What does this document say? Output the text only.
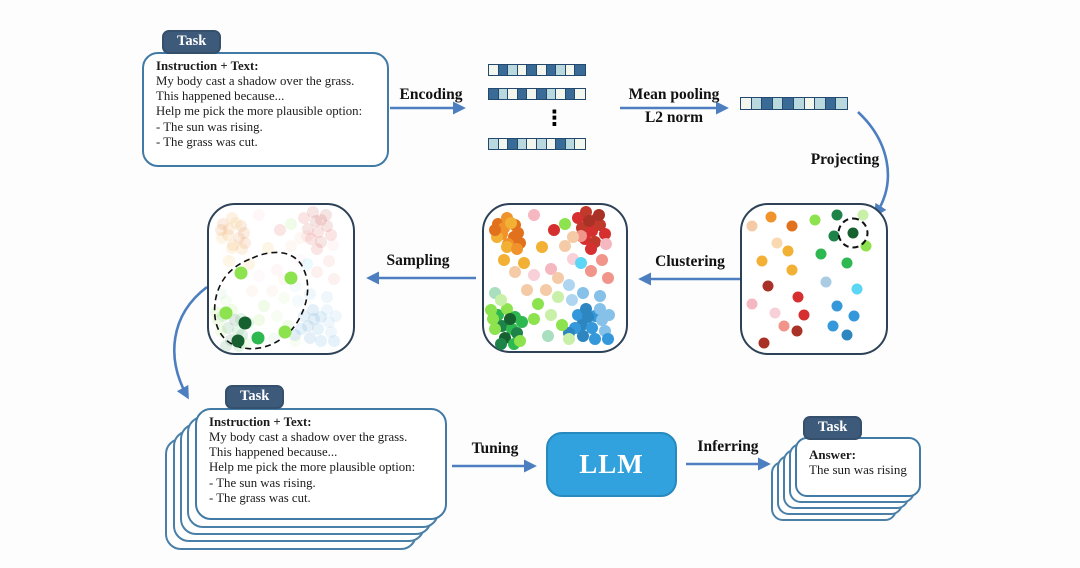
Task
Instruction + Text:
My body cast a shadow over the grass.
This happened because...
Help me pick the more plausible option:
- The sun was rising.
- The grass was cut.
Encoding	Mean pooling
L2 norm
Projecting
Clustering
Sampling
Tuning	Inferring
⋮
Task
Instruction + Text:
My body cast a shadow over the grass.
This happened because...
Help me pick the more plausible option:
- The sun was rising.
- The grass was cut.
LLM
Task
Answer:
The sun was rising
